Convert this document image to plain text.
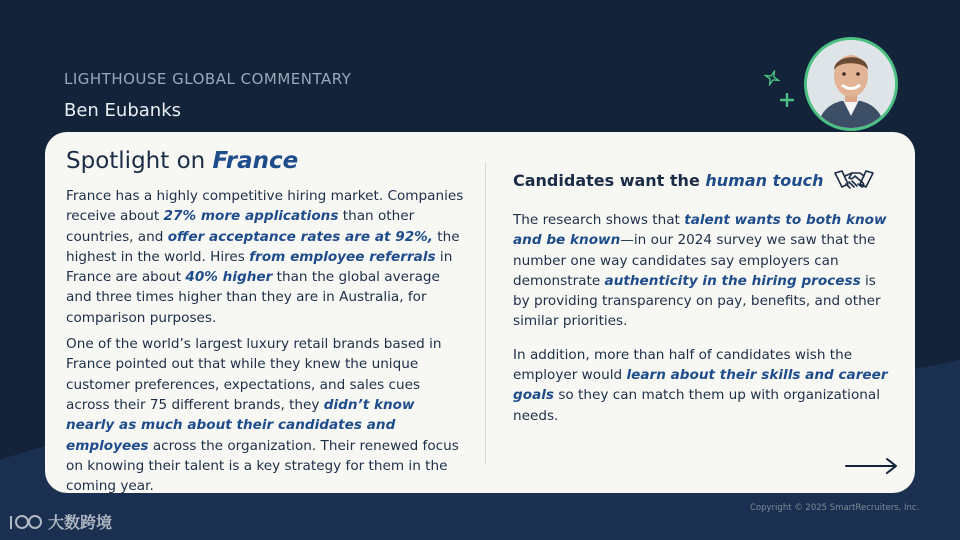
LIGHTHOUSE GLOBAL COMMENTARY
Ben Eubanks
Spotlight on France

France has a highly competitive hiring market. Companies receive about 27% more applications than other countries, and offer acceptance rates are at 92%, the highest in the world. Hires from employee referrals in France are about 40% higher than the global average and three times higher than they are in Australia, for comparison purposes.

One of the world’s largest luxury retail brands based in France pointed out that while they knew the unique customer preferences, expectations, and sales cues across their 75 different brands, they didn’t know nearly as much about their candidates and employees across the organization. Their renewed focus on knowing their talent is a key strategy for them in the coming year.

Candidates want the human touch

The research shows that talent wants to both know and be known—in our 2024 survey we saw that the number one way candidates say employers can demonstrate authenticity in the hiring process is by providing transparency on pay, benefits, and other similar priorities.

In addition, more than half of candidates wish the employer would learn about their skills and career goals so they can match them up with organizational needs.

Copyright © 2025 SmartRecruiters, Inc.
大数跨境
